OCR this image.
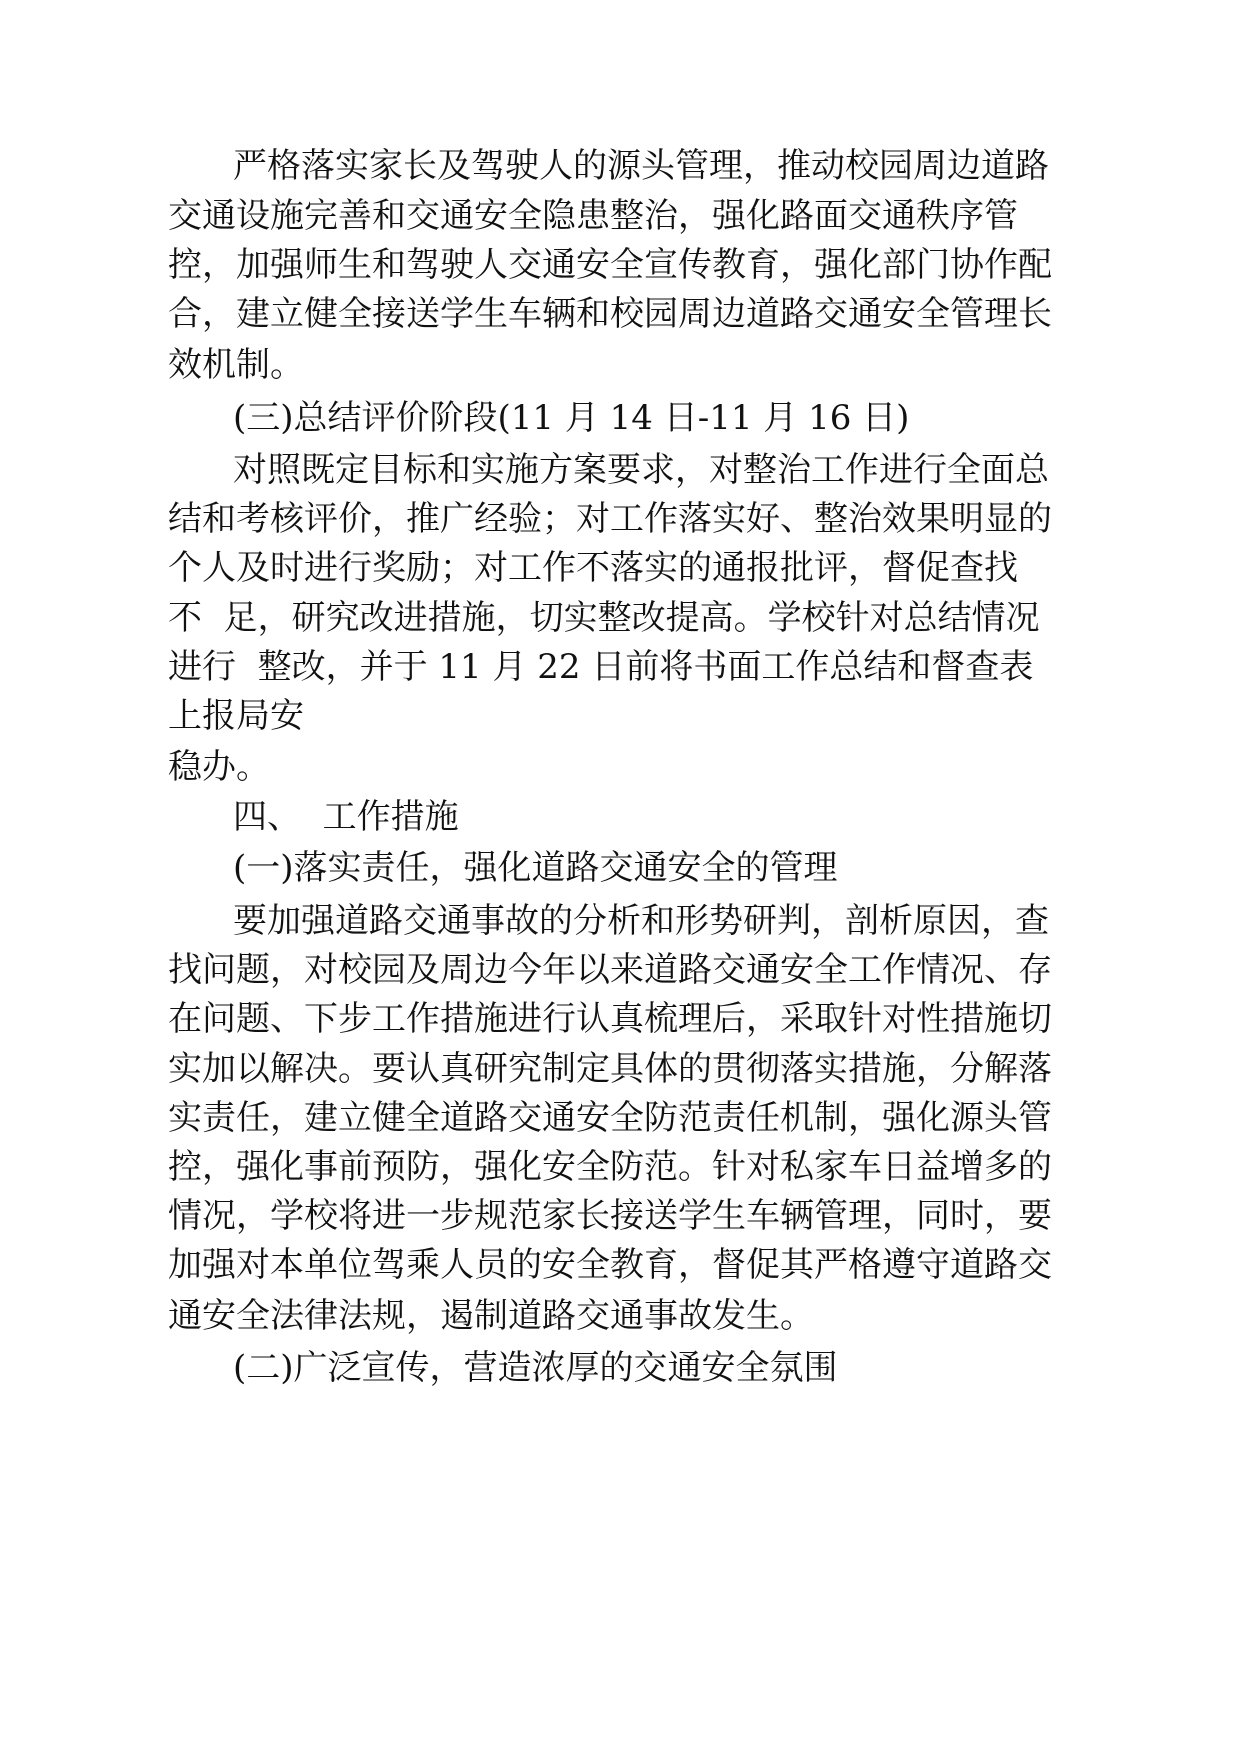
严格落实家长及驾驶人的源头管理，推动校园周边道路

交通设施完善和交通安全隐患整治，强化路面交通秩序管

控，加强师生和驾驶人交通安全宣传教育，强化部门协作配

合，建立健全接送学生车辆和校园周边道路交通安全管理长

效机制。

(三)总结评价阶段(11 月 14 日-11 月 16 日)

对照既定目标和实施方案要求，对整治工作进行全面总

结和考核评价，推广经验；对工作落实好、整治效果明显的

个人及时进行奖励；对工作不落实的通报批评，督促查找

不  足，研究改进措施，切实整改提高。学校针对总结情况

进行  整改，并于 11 月 22 日前将书面工作总结和督查表

上报局安

稳办。

四、  工作措施

(一)落实责任，强化道路交通安全的管理

要加强道路交通事故的分析和形势研判，剖析原因，查

找问题，对校园及周边今年以来道路交通安全工作情况、存

在问题、下步工作措施进行认真梳理后，采取针对性措施切

实加以解决。要认真研究制定具体的贯彻落实措施，分解落

实责任，建立健全道路交通安全防范责任机制，强化源头管

控，强化事前预防，强化安全防范。针对私家车日益增多的

情况，学校将进一步规范家长接送学生车辆管理，同时，要

加强对本单位驾乘人员的安全教育，督促其严格遵守道路交

通安全法律法规，遏制道路交通事故发生。

(二)广泛宣传，营造浓厚的交通安全氛围
